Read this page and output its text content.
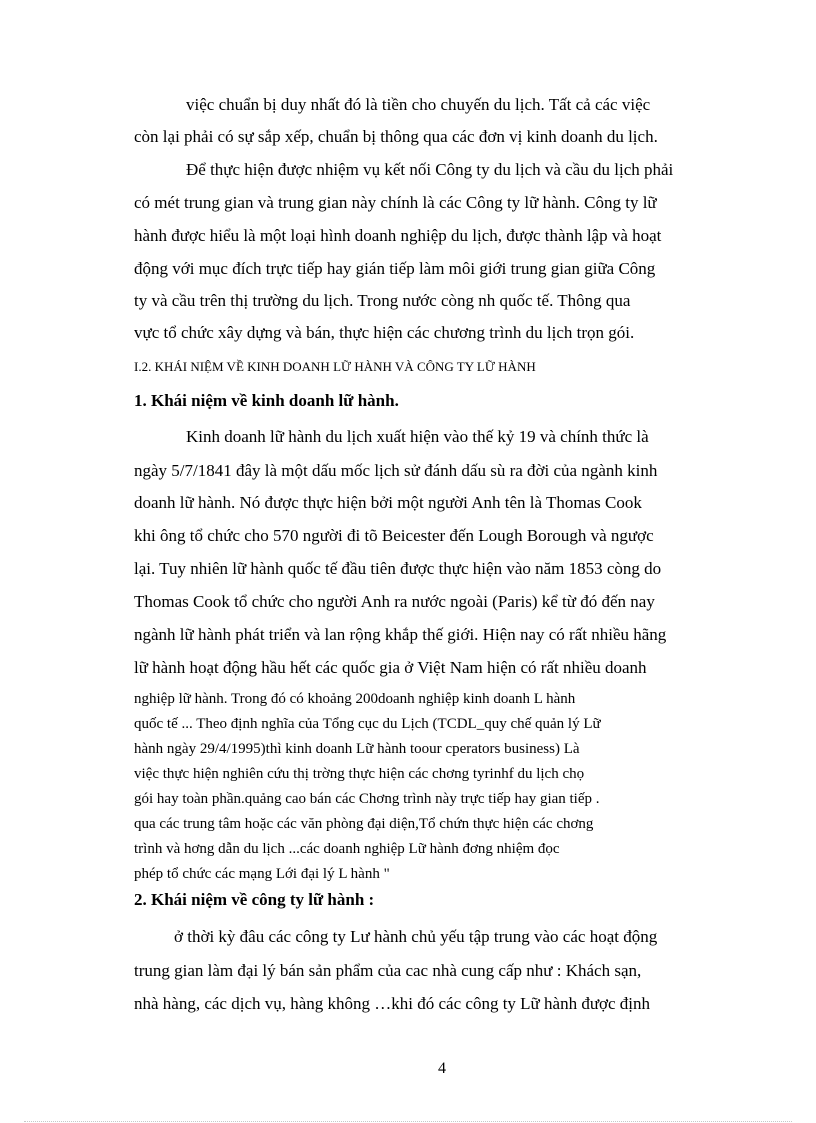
việc chuẩn bị duy nhất đó là tiền cho chuyến du lịch. Tất cả các việc
còn lại phải có sự sắp xếp, chuẩn bị thông qua các đơn vị kinh doanh du lịch.
Để thực hiện được nhiệm vụ kết nối Công ty du lịch và cầu du lịch phải
có mét trung gian và trung gian này chính là các Công ty lữ hành. Công ty lữ
hành được hiểu là một loại hình doanh nghiệp du lịch, được thành lập và hoạt
động với mục đích trực tiếp hay gián tiếp làm môi giới trung gian giữa Công
ty và cầu trên thị trường du lịch. Trong nước còng nh quốc tế. Thông qua
vực tổ chức xây dựng và bán, thực hiện các chương trình du lịch trọn gói.
I.2. KHÁI NIỆM VỀ KINH DOANH LỮ HÀNH VÀ CÔNG TY LỮ HÀNH
1. Khái niệm về kinh doanh lữ hành.
Kinh doanh lữ hành du lịch xuất hiện vào thế kỷ 19 và chính thức là
ngày 5/7/1841 đây là một dấu mốc lịch sử đánh dấu sù ra đời của ngành kinh
doanh lữ hành. Nó được thực hiện bởi một người Anh tên là Thomas Cook
khi ông tổ chức cho 570 người đi tõ Beicester đến Lough Borough và ngược
lại. Tuy nhiên lữ hành quốc tế đầu tiên được thực hiện vào năm 1853 còng do
Thomas Cook tổ chức cho người Anh ra nước ngoài (Paris) kể từ đó đến nay
ngành lữ hành phát triển và lan rộng khắp thế giới. Hiện nay có rất nhiều hãng
lữ hành hoạt động hầu hết các quốc gia ở Việt Nam hiện có rất nhiều doanh
nghiệp lữ hành. Trong đó có khoảng 200doanh nghiệp kinh doanh L hành
quốc tế ... Theo định nghĩa của Tổng cục du Lịch (TCDL_quy chế quản lý Lữ
hành ngày 29/4/1995)thì kinh doanh Lữ hành toour cperators business) Là
việc thực hiện nghiên cứu thị trờng thực hiện các chơng tyrinhf du lịch chọ
gói hay toàn phần.quảng cao bán các Chơng trình này trực tiếp hay gian tiếp .
qua các trung tâm hoặc các văn phòng đại diện,Tổ chứn thực hiện các chơng
trình và hơng dẫn du lịch ...các doanh nghiệp Lữ hành đơng nhiệm đọc
phép tổ chức các mạng Lới đại lý L hành "
2. Khái niệm về công ty lữ hành :
ở thời kỳ đâu các công ty Lư hành chủ yếu tập trung vào các hoạt động
trung gian làm đại lý bán sản phẩm của cac nhà cung cấp như : Khách sạn,
nhà hàng, các dịch vụ, hàng không …khi đó các công ty Lữ hành được định
4
